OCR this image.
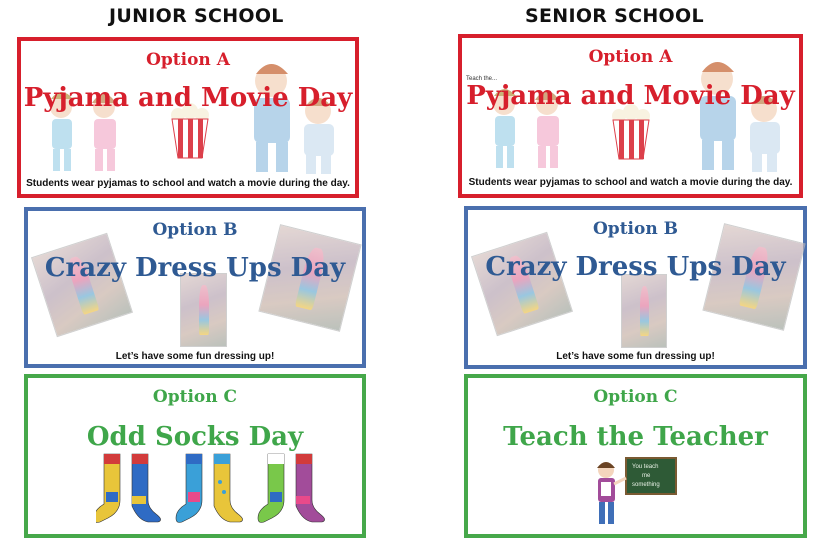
JUNIOR SCHOOL	SENIOR SCHOOL
Option A
Pyjama and Movie Day
Students wear pyjamas to school and watch a movie during the day.
Option B
Crazy Dress Ups Day
Let’s have some fun dressing up!
Option C
Odd Socks Day
Option A
Teach the...
Pyjama and Movie Day
Students wear pyjamas to school and watch a movie during the day.
Option B
Crazy Dress Ups Day
Let’s have some fun dressing up!
Option C
Teach the Teacher
You teach
me
something
